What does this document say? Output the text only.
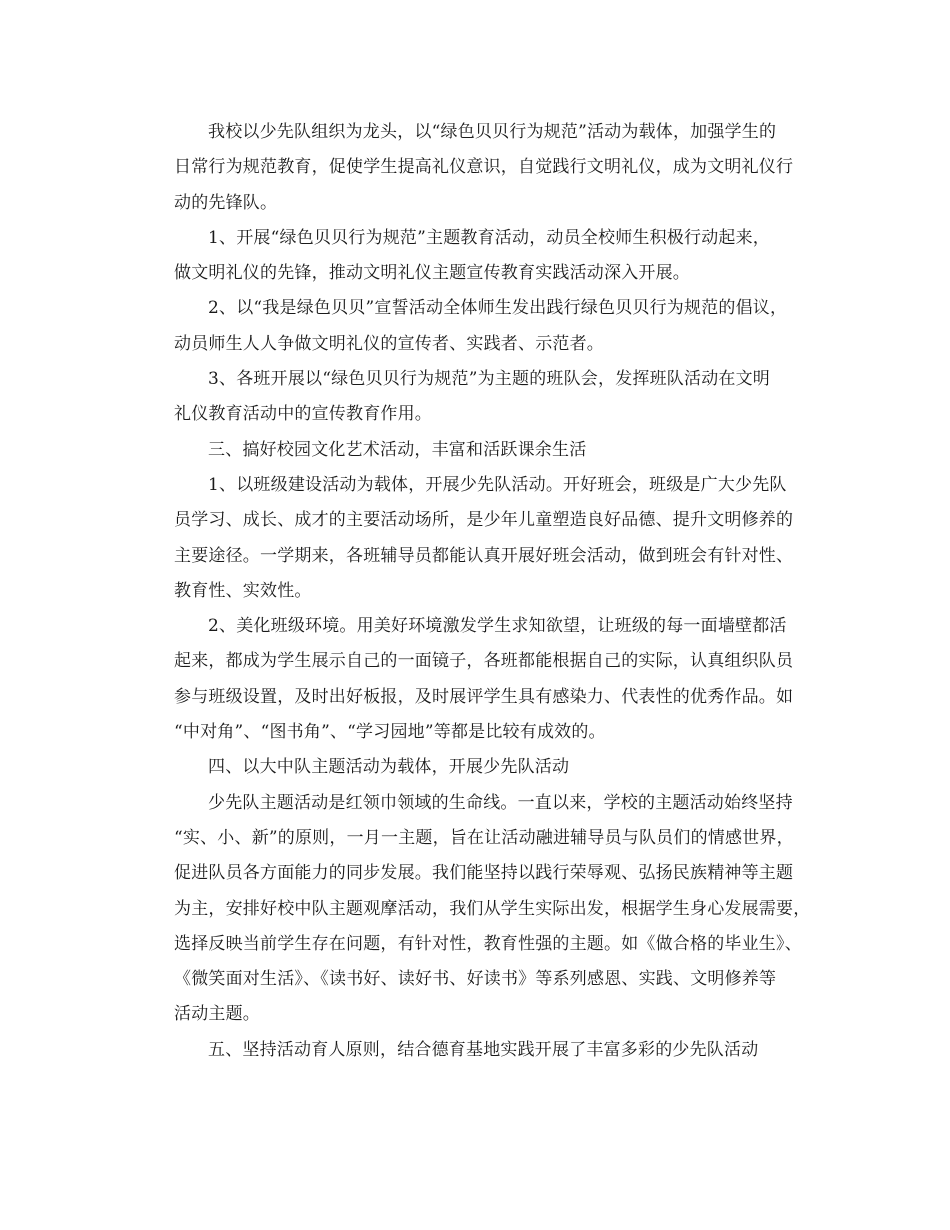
我校以少先队组织为龙头，以“绿色贝贝行为规范”活动为载体，加强学生的
日常行为规范教育，促使学生提高礼仪意识，自觉践行文明礼仪，成为文明礼仪行
动的先锋队。
1、开展“绿色贝贝行为规范”主题教育活动，动员全校师生积极行动起来，
做文明礼仪的先锋，推动文明礼仪主题宣传教育实践活动深入开展。
2、以“我是绿色贝贝”宣誓活动全体师生发出践行绿色贝贝行为规范的倡议，
动员师生人人争做文明礼仪的宣传者、实践者、示范者。
3、各班开展以“绿色贝贝行为规范”为主题的班队会，发挥班队活动在文明
礼仪教育活动中的宣传教育作用。
三、搞好校园文化艺术活动，丰富和活跃课余生活
1、以班级建设活动为载体，开展少先队活动。开好班会，班级是广大少先队
员学习、成长、成才的主要活动场所，是少年儿童塑造良好品德、提升文明修养的
主要途径。一学期来，各班辅导员都能认真开展好班会活动，做到班会有针对性、
教育性、实效性。
2、美化班级环境。用美好环境激发学生求知欲望，让班级的每一面墙壁都活
起来，都成为学生展示自己的一面镜子，各班都能根据自己的实际，认真组织队员
参与班级设置，及时出好板报，及时展评学生具有感染力、代表性的优秀作品。如
“中对角”、“图书角”、“学习园地”等都是比较有成效的。
四、以大中队主题活动为载体，开展少先队活动
少先队主题活动是红领巾领域的生命线。一直以来，学校的主题活动始终坚持
“实、小、新”的原则，一月一主题，旨在让活动融进辅导员与队员们的情感世界，
促进队员各方面能力的同步发展。我们能坚持以践行荣辱观、弘扬民族精神等主题
为主，安排好校中队主题观摩活动，我们从学生实际出发，根据学生身心发展需要，
选择反映当前学生存在问题，有针对性，教育性强的主题。如《做合格的毕业生》、
《微笑面对生活》、《读书好、读好书、好读书》等系列感恩、实践、文明修养等
活动主题。
五、坚持活动育人原则，结合德育基地实践开展了丰富多彩的少先队活动
